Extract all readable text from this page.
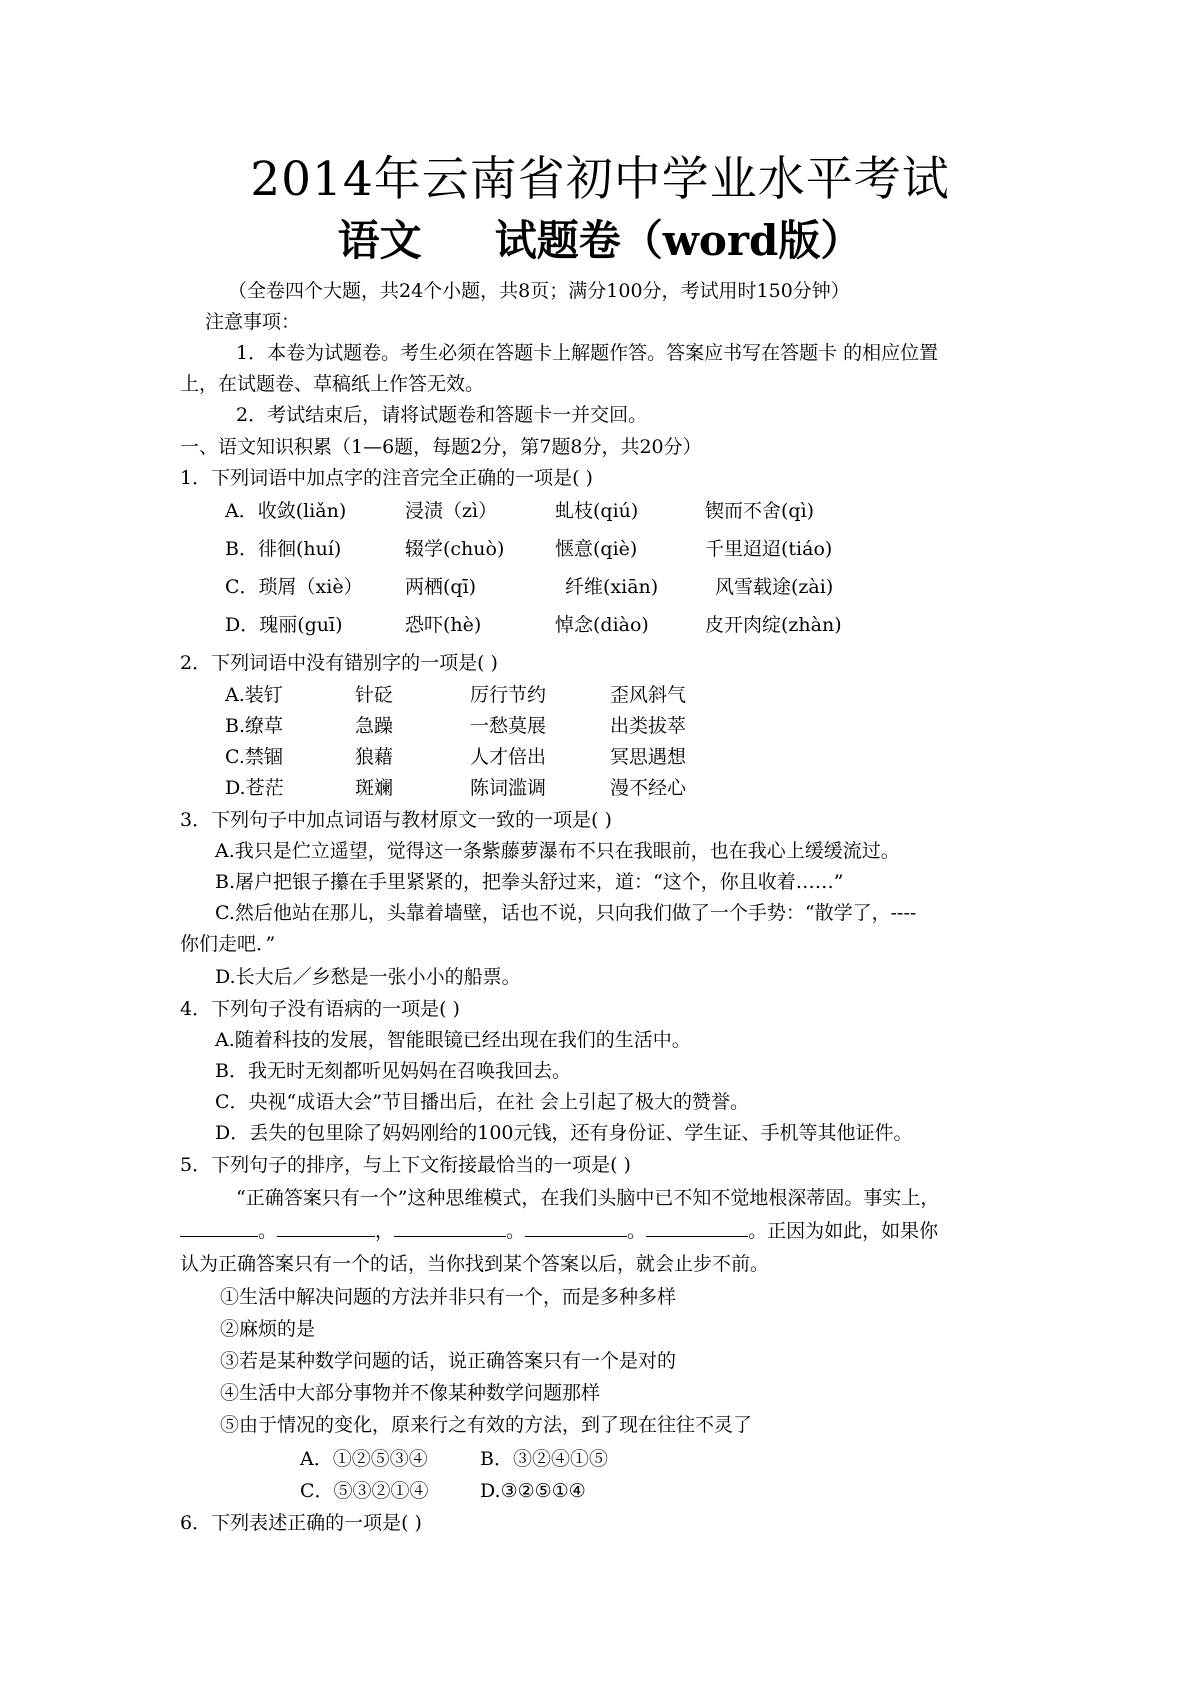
2014年云南省初中学业水平考试
语文     试题卷（word版）
（全卷四个大题，共24个小题，共8页；满分100分，考试用时150分钟）
注意事项：
1．本卷为试题卷。考生必须在答题卡上解题作答。答案应书写在答题卡 的相应位置
上，在试题卷、草稿纸上作答无效。
2．考试结束后，请将试题卷和答题卡一并交回。
一、语文知识积累（1—6题，每题2分，第7题8分，共20分）
1．下列词语中加点字的注音完全正确的一项是( )
A．收敛(liǎn)	浸渍（zì）	虬枝(qiú)	锲而不舍(qì)
B．徘徊(huí)	辍学(chuò)	惬意(qiè)	千里迢迢(tiáo)
C．琐屑（xiè） 两栖(qī)	纤维(xiān)	风雪载途(zài)
D．瑰丽(guī)	恐吓(hè)	悼念(diào)	皮开肉绽(zhàn)
2．下列词语中没有错别字的一项是( )
A.装钉	针砭	厉行节约	歪风斜气
B.缭草	急躁	一愁莫展	出类拔萃
C.禁锢	狼藉	人才倍出	冥思遇想
D.苍茫	斑斓	陈词滥调	漫不经心
3．下列句子中加点词语与教材原文一致的一项是( )
A.我只是伫立遥望，觉得这一条紫藤萝瀑布不只在我眼前，也在我心上缓缓流过。
B.屠户把银子攥在手里紧紧的，把拳头舒过来，道：“这个，你且收着……”
C.然后他站在那儿，头靠着墙壁，话也不说，只向我们做了一个手势：“散学了，----
你们走吧．”
D.长大后／乡愁是一张小小的船票。
4．下列句子没有语病的一项是( )
A.随着科技的发展，智能眼镜已经出现在我们的生活中。
B．我无时无刻都听见妈妈在召唤我回去。
C．央视“成语大会”节目播出后，在社 会上引起了极大的赞誉。
D．丢失的包里除了妈妈刚给的100元钱，还有身份证、学生证、手机等其他证件。
5．下列句子的排序，与上下文衔接最恰当的一项是( )
“正确答案只有一个”这种思维模式，在我们头脑中已不知不觉地根深蒂固。事实上，
。	，	。	。	。正因为如此，如果你
认为正确答案只有一个的话，当你找到某个答案以后，就会止步不前。
①生活中解决问题的方法并非只有一个，而是多种多样
②麻烦的是
③若是某种数学问题的话，说正确答案只有一个是对的
④生活中大部分事物并不像某种数学问题那样
⑤由于情况的变化，原来行之有效的方法，到了现在往往不灵了
A．①②⑤③④	B．③②④①⑤
C．⑤③②①④	D.③②⑤①④
6．下列表述正确的一项是( )
